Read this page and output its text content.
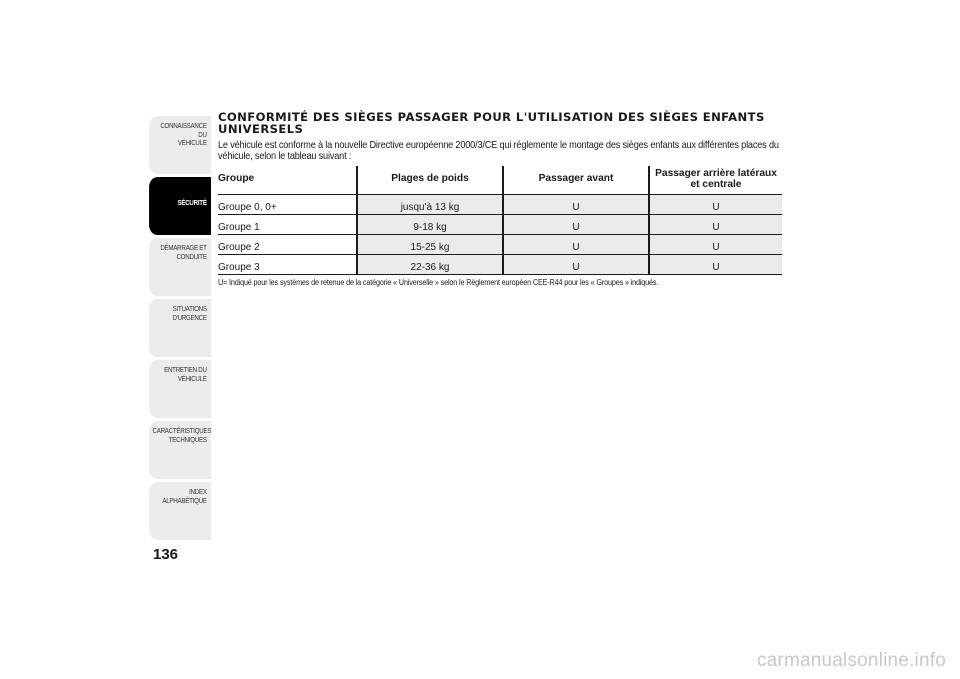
CONNAISSANCE DU
VÉHICULE
SÉCURITÉ
DÉMARRAGE ET
CONDUITE
SITUATIONS
D'URGENCE
ENTRETIEN DU
VÉHICULE
CARACTÉRISTIQUES
TECHNIQUES
INDEX
ALPHABÉTIQUE
136
CONFORMITÉ DES SIÈGES PASSAGER POUR L'UTILISATION DES SIÈGES ENFANTS UNIVERSELS

Le véhicule est conforme à la nouvelle Directive européenne 2000/3/CE qui réglemente le montage des sièges enfants aux différentes places du véhicule, selon le tableau suivant :

Groupe	Plages de poids	Passager avant	Passager arrière latéraux et centrale
Groupe 0, 0+	jusqu'à 13 kg	U	U
Groupe 1	9-18 kg	U	U
Groupe 2	15-25 kg	U	U
Groupe 3	22-36 kg	U	U

U= Indiqué pour les systèmes de retenue de la catégorie « Universelle » selon le Règlement européen CEE-R44 pour les « Groupes » indiqués.

carmanualsonline.info
